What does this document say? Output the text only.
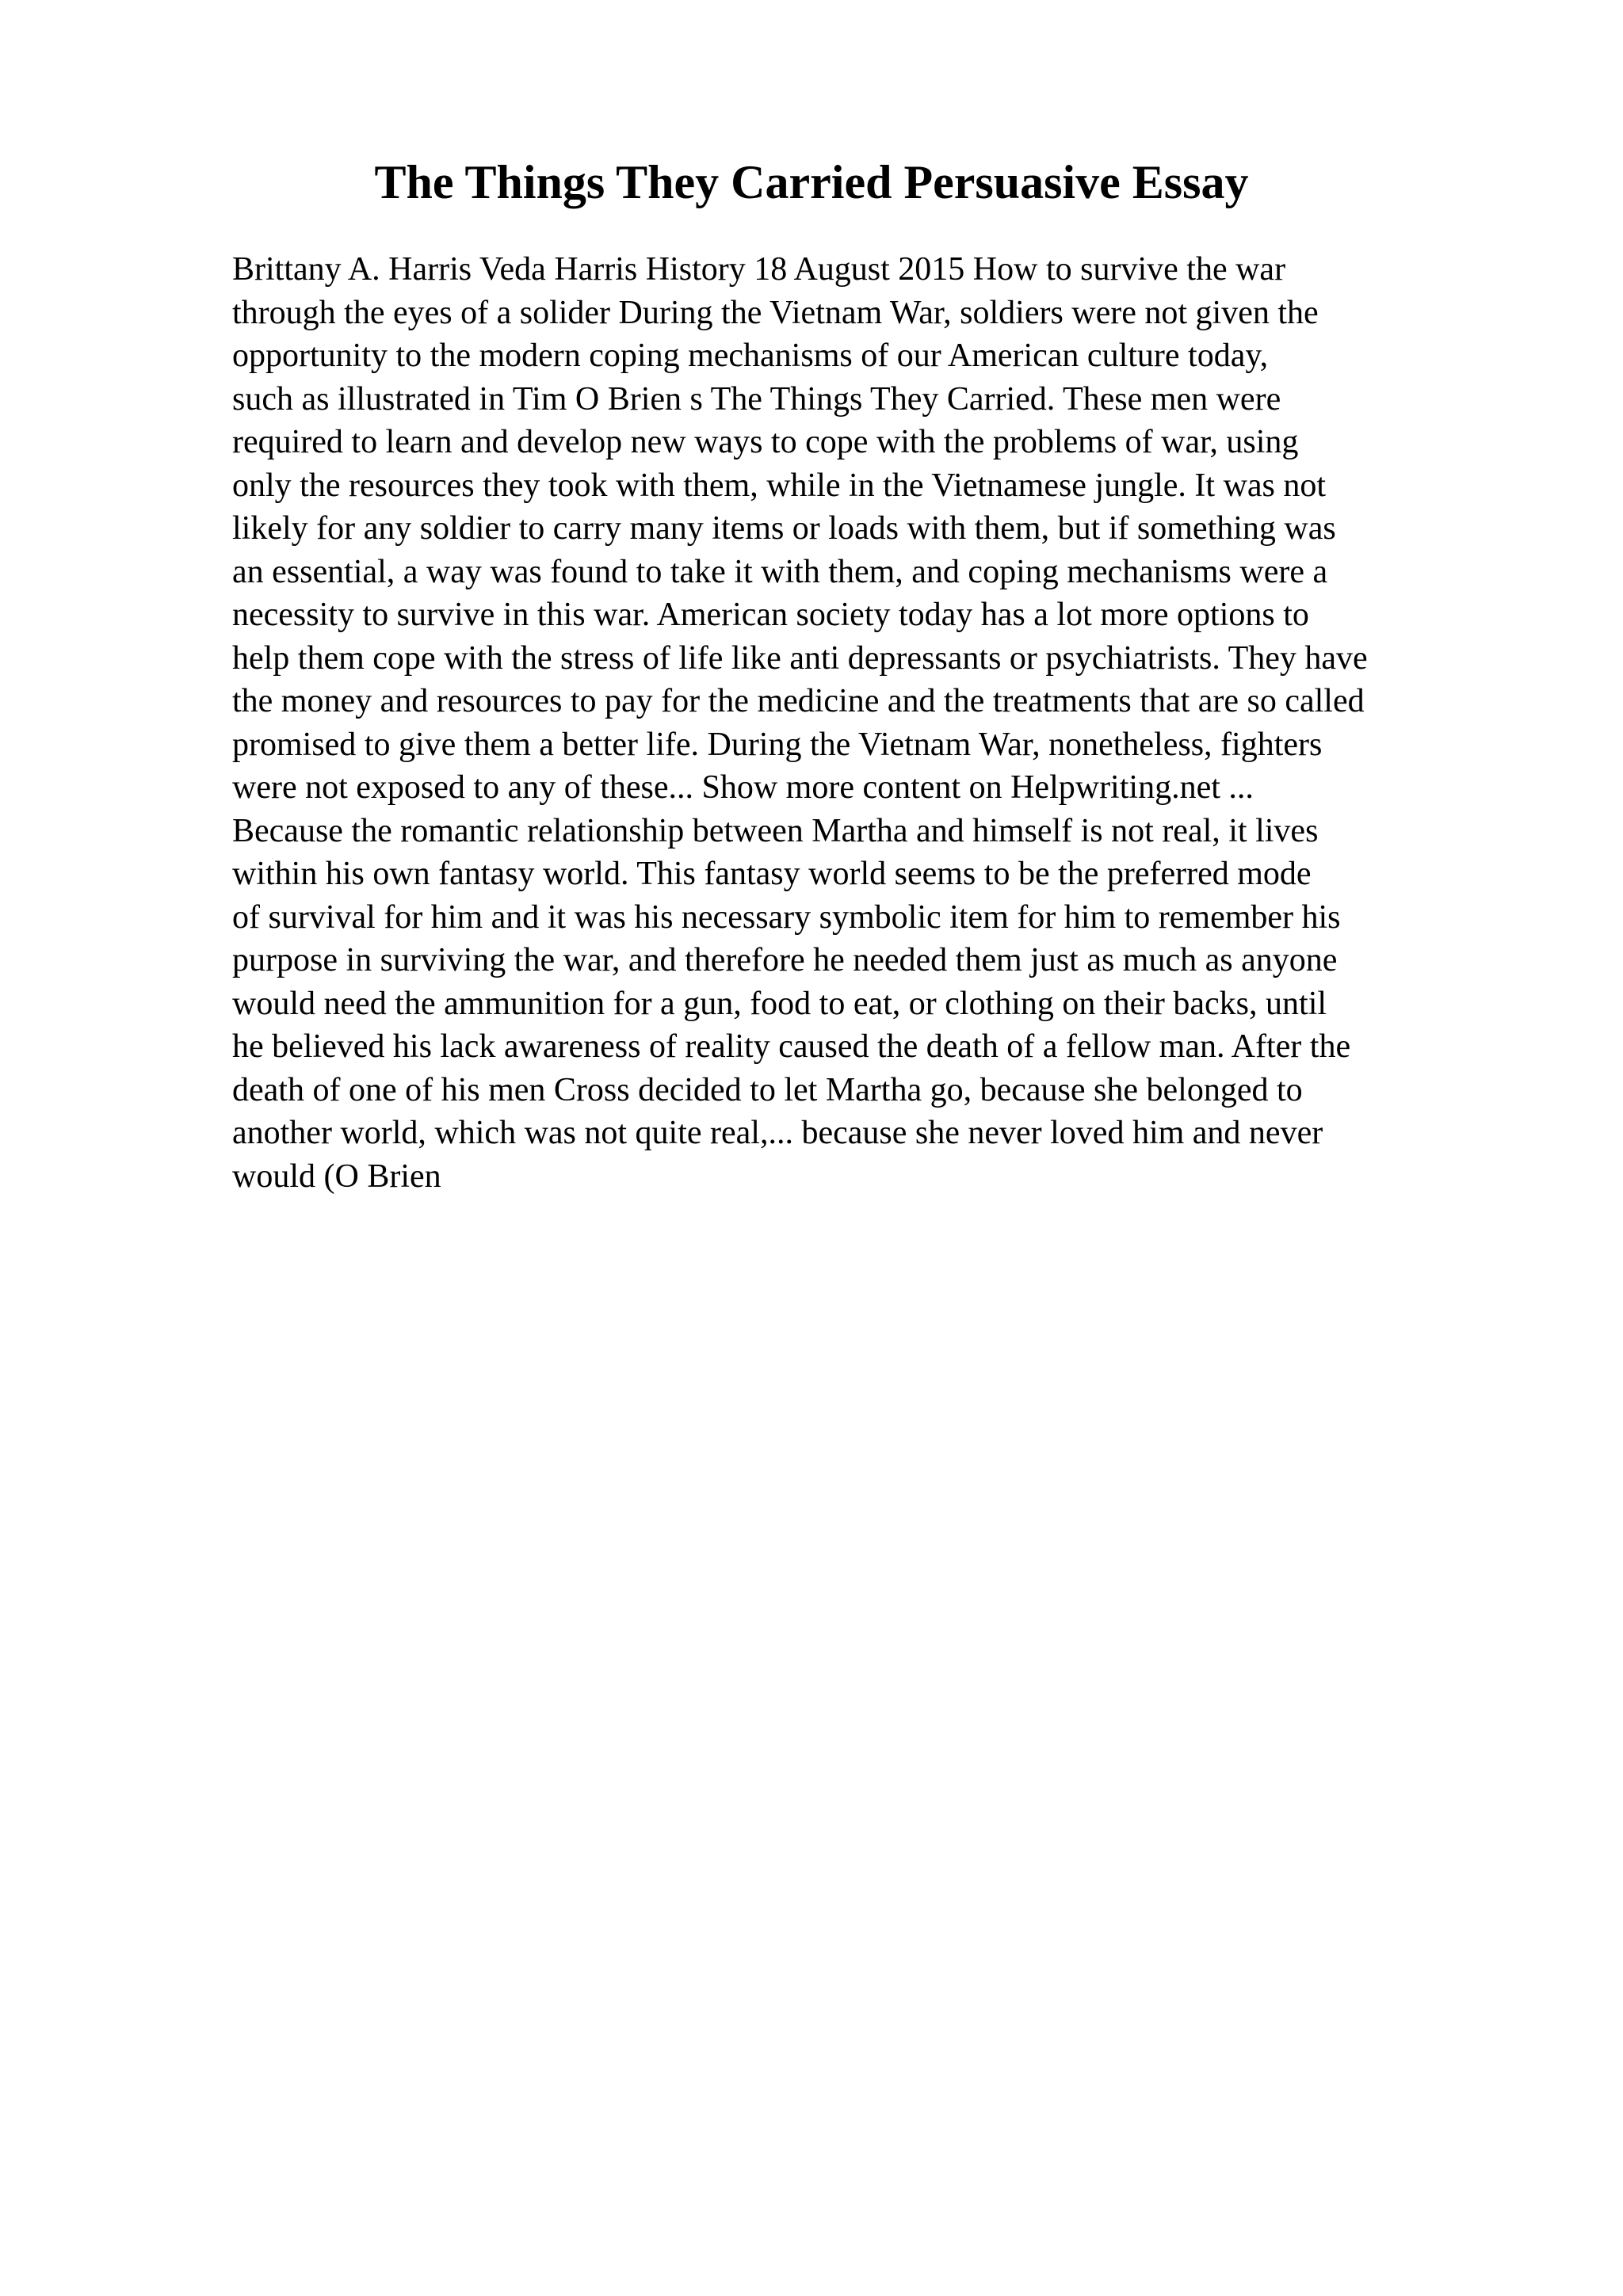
The Things They Carried Persuasive Essay
Brittany A. Harris Veda Harris History 18 August 2015 How to survive the war
through the eyes of a solider During the Vietnam War, soldiers were not given the
opportunity to the modern coping mechanisms of our American culture today,
such as illustrated in Tim O Brien s The Things They Carried. These men were
required to learn and develop new ways to cope with the problems of war, using
only the resources they took with them, while in the Vietnamese jungle. It was not
likely for any soldier to carry many items or loads with them, but if something was
an essential, a way was found to take it with them, and coping mechanisms were a
necessity to survive in this war. American society today has a lot more options to
help them cope with the stress of life like anti depressants or psychiatrists. They have
the money and resources to pay for the medicine and the treatments that are so called
promised to give them a better life. During the Vietnam War, nonetheless, fighters
were not exposed to any of these... Show more content on Helpwriting.net ...
Because the romantic relationship between Martha and himself is not real, it lives
within his own fantasy world. This fantasy world seems to be the preferred mode
of survival for him and it was his necessary symbolic item for him to remember his
purpose in surviving the war, and therefore he needed them just as much as anyone
would need the ammunition for a gun, food to eat, or clothing on their backs, until
he believed his lack awareness of reality caused the death of a fellow man. After the
death of one of his men Cross decided to let Martha go, because she belonged to
another world, which was not quite real,... because she never loved him and never
would (O Brien
